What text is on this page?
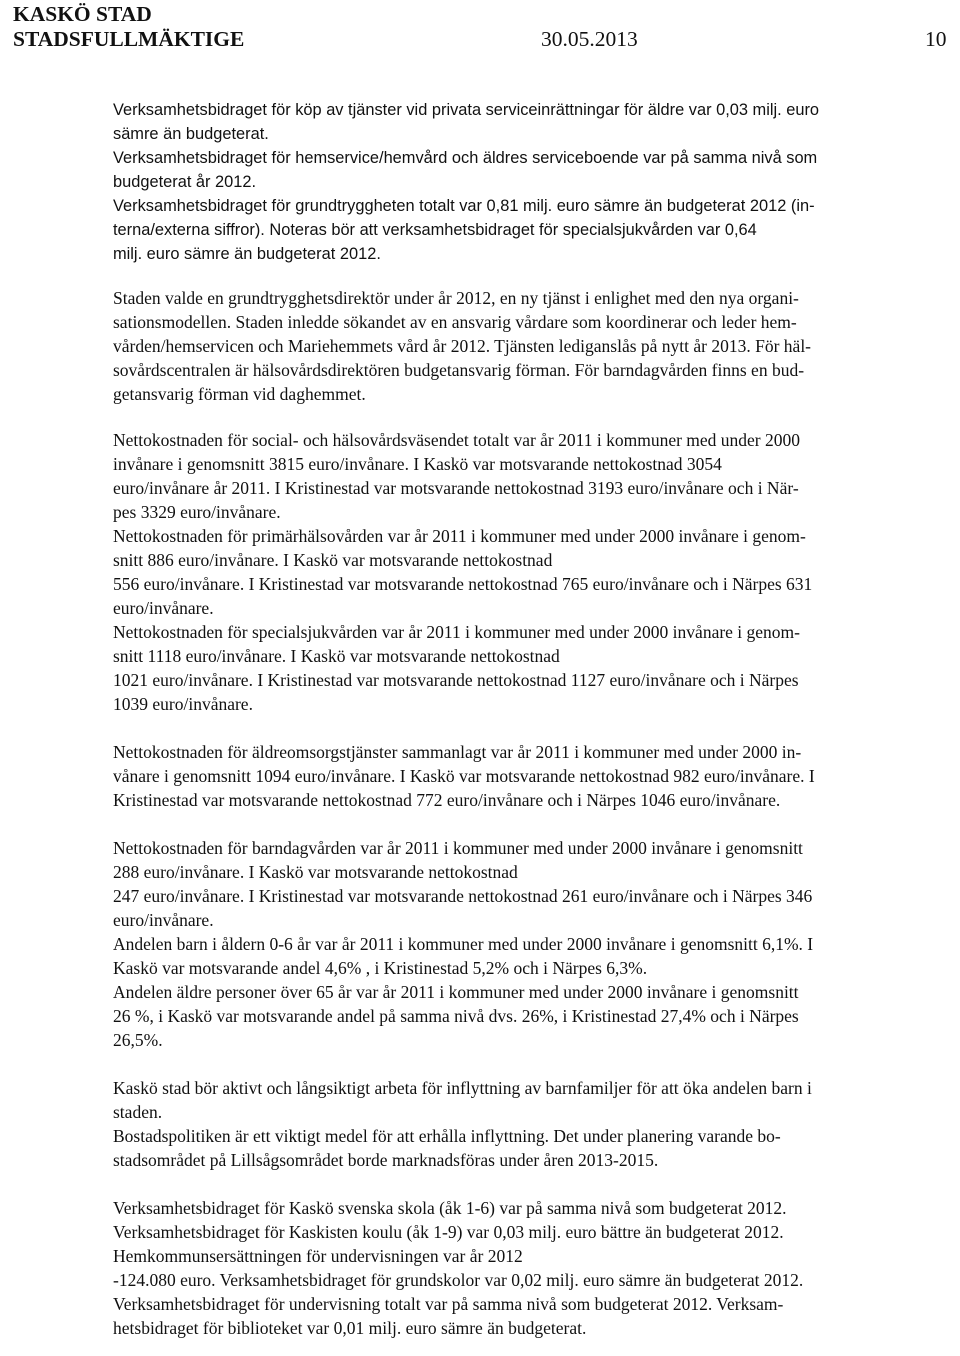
KASKÖ STAD
STADSFULLMÄKTIGE	30.05.2013	10
Verksamhetsbidraget för köp av tjänster vid privata serviceinrättningar för äldre var 0,03 milj. euro
sämre än budgeterat.
Verksamhetsbidraget för hemservice/hemvård och äldres serviceboende var på samma nivå som
budgeterat år 2012.
Verksamhetsbidraget för grundtryggheten totalt var 0,81 milj. euro sämre än budgeterat 2012 (in-
terna/externa siffror). Noteras bör att verksamhetsbidraget för specialsjukvården var 0,64
milj. euro sämre än budgeterat 2012.
Staden valde en grundtrygghetsdirektör under år 2012, en ny tjänst i enlighet med den nya organi-
sationsmodellen. Staden inledde sökandet av en ansvarig vårdare som koordinerar och leder hem-
vården/hemservicen och Mariehemmets vård år 2012. Tjänsten lediganslås på nytt år 2013. För häl-
sovårdscentralen är hälsovårdsdirektören budgetansvarig förman. För barndagvården finns en bud-
getansvarig förman vid daghemmet.
Nettokostnaden för social- och hälsovårdsväsendet totalt var år 2011 i kommuner med under 2000
invånare i genomsnitt 3815 euro/invånare. I Kaskö var motsvarande nettokostnad 3054
euro/invånare år 2011. I Kristinestad var motsvarande nettokostnad 3193 euro/invånare och i När-
pes 3329 euro/invånare.
Nettokostnaden för primärhälsovården var år 2011 i kommuner med under 2000 invånare i genom-
snitt 886 euro/invånare. I Kaskö var motsvarande nettokostnad
556 euro/invånare. I Kristinestad var motsvarande nettokostnad 765 euro/invånare och i Närpes 631
euro/invånare.
Nettokostnaden för specialsjukvården var år 2011 i kommuner med under 2000 invånare i genom-
snitt 1118 euro/invånare. I Kaskö var motsvarande nettokostnad
1021 euro/invånare. I Kristinestad var motsvarande nettokostnad 1127 euro/invånare och i Närpes
1039 euro/invånare.
Nettokostnaden för äldreomsorgstjänster sammanlagt var år 2011 i kommuner med under 2000 in-
vånare i genomsnitt 1094 euro/invånare. I Kaskö var motsvarande nettokostnad 982 euro/invånare. I
Kristinestad var motsvarande nettokostnad 772 euro/invånare och i Närpes 1046 euro/invånare.
Nettokostnaden för barndagvården var år 2011 i kommuner med under 2000 invånare i genomsnitt
288 euro/invånare. I Kaskö var motsvarande nettokostnad
247 euro/invånare. I Kristinestad var motsvarande nettokostnad 261 euro/invånare och i Närpes 346
euro/invånare.
Andelen barn i åldern 0-6 år var år 2011 i kommuner med under 2000 invånare i genomsnitt 6,1%. I
Kaskö var motsvarande andel 4,6% , i Kristinestad 5,2% och i Närpes 6,3%.
Andelen äldre personer över 65 år var år 2011 i kommuner med under 2000 invånare i genomsnitt
26 %, i Kaskö var motsvarande andel på samma nivå dvs. 26%, i Kristinestad 27,4% och i Närpes
26,5%.
Kaskö stad bör aktivt och långsiktigt arbeta för inflyttning av barnfamiljer för att öka andelen barn i
staden.
Bostadspolitiken är ett viktigt medel för att erhålla inflyttning. Det under planering varande bo-
stadsområdet på Lillsågsområdet borde marknadsföras under åren 2013-2015.
Verksamhetsbidraget för Kaskö svenska skola (åk 1-6) var på samma nivå som budgeterat 2012.
Verksamhetsbidraget för Kaskisten koulu (åk 1-9) var 0,03 milj. euro bättre än budgeterat 2012.
Hemkommunsersättningen för undervisningen var år 2012
-124.080 euro. Verksamhetsbidraget för grundskolor var 0,02 milj. euro sämre än budgeterat 2012.
Verksamhetsbidraget för undervisning totalt var på samma nivå som budgeterat 2012. Verksam-
hetsbidraget för biblioteket var 0,01 milj. euro sämre än budgeterat.
